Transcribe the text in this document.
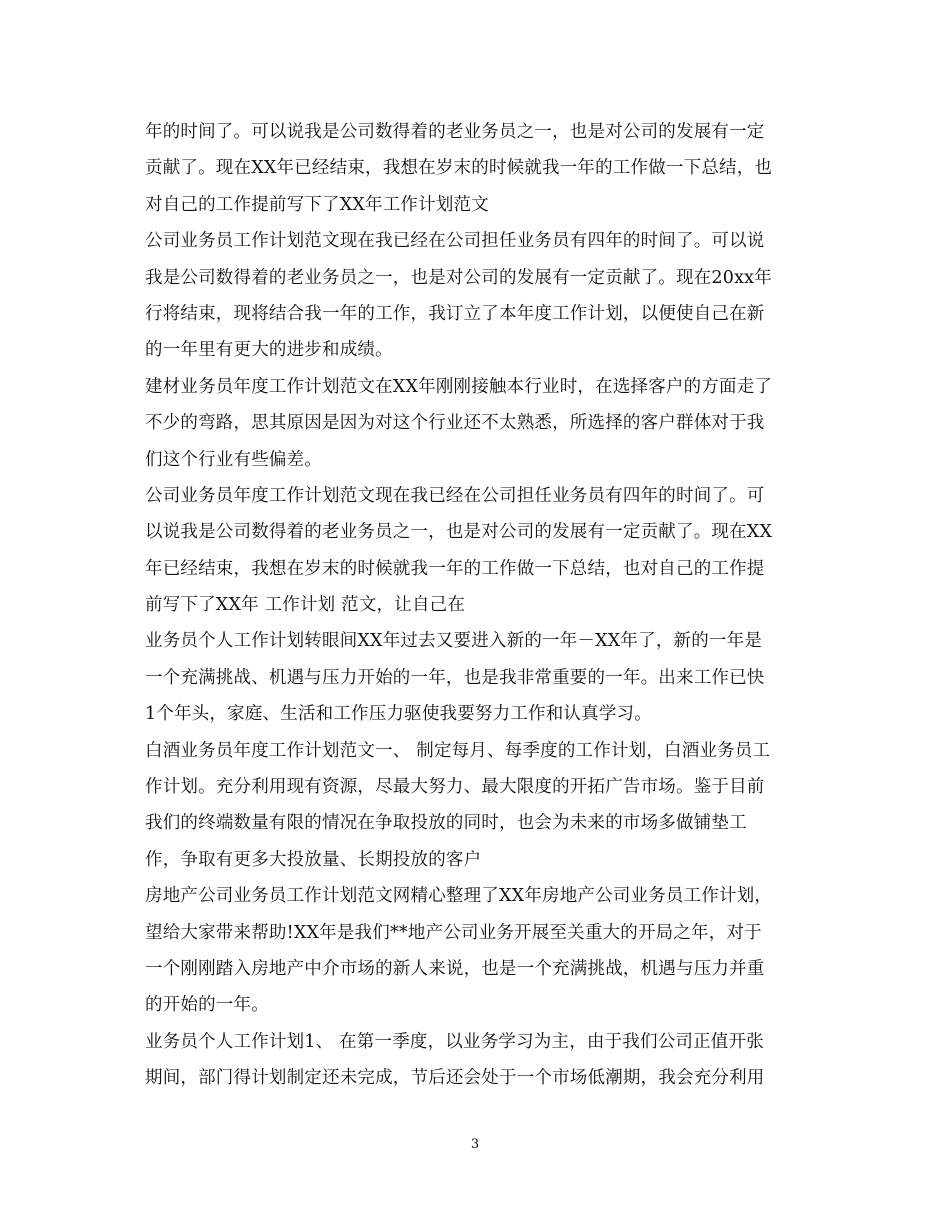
年的时间了。可以说我是公司数得着的老业务员之一，也是对公司的发展有一定
贡献了。现在XX年已经结束，我想在岁末的时候就我一年的工作做一下总结，也
对自己的工作提前写下了XX年工作计划范文
公司业务员工作计划范文现在我已经在公司担任业务员有四年的时间了。可以说
我是公司数得着的老业务员之一，也是对公司的发展有一定贡献了。现在20xx年
行将结束，现将结合我一年的工作，我订立了本年度工作计划，以便使自己在新
的一年里有更大的进步和成绩。
建材业务员年度工作计划范文在XX年刚刚接触本行业时，在选择客户的方面走了
不少的弯路，思其原因是因为对这个行业还不太熟悉，所选择的客户群体对于我
们这个行业有些偏差。
公司业务员年度工作计划范文现在我已经在公司担任业务员有四年的时间了。可
以说我是公司数得着的老业务员之一，也是对公司的发展有一定贡献了。现在XX
年已经结束，我想在岁末的时候就我一年的工作做一下总结，也对自己的工作提
前写下了XX年 工作计划 范文，让自己在
业务员个人工作计划转眼间XX年过去又要进入新的一年－XX年了，新的一年是
一个充满挑战、机遇与压力开始的一年，也是我非常重要的一年。出来工作已快
1个年头，家庭、生活和工作压力驱使我要努力工作和认真学习。
白酒业务员年度工作计划范文一、 制定每月、每季度的工作计划，白酒业务员工
作计划。充分利用现有资源，尽最大努力、最大限度的开拓广告市场。鉴于目前
我们的终端数量有限的情况在争取投放的同时，也会为未来的市场多做铺垫工
作，争取有更多大投放量、长期投放的客户
房地产公司业务员工作计划范文网精心整理了XX年房地产公司业务员工作计划，
望给大家带来帮助!XX年是我们**地产公司业务开展至关重大的开局之年，对于
一个刚刚踏入房地产中介市场的新人来说，也是一个充满挑战，机遇与压力并重
的开始的一年。
业务员个人工作计划1、 在第一季度，以业务学习为主，由于我们公司正值开张
期间，部门得计划制定还未完成，节后还会处于一个市场低潮期，我会充分利用
3
